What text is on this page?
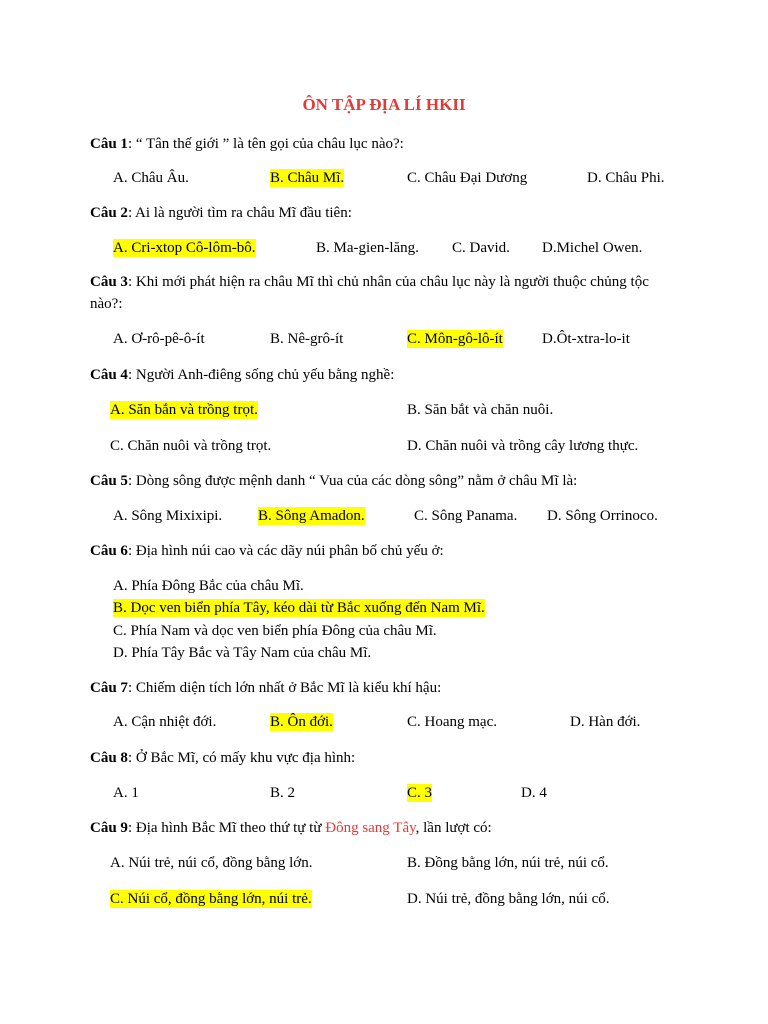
ÔN TẬP ĐỊA LÍ HKII
Câu 1: “ Tân thế giới ” là tên gọi của châu lục nào?:
A. Châu Âu.	B. Châu Mĩ.	C. Châu Đại Dương	D. Châu Phi.
Câu 2: Ai là người tìm ra châu Mĩ đầu tiên:
A. Cri-xtop Cô-lôm-bô.	B. Ma-gien-lăng. C. David. D.Michel Owen.
Câu 3: Khi mới phát hiện ra châu Mĩ thì chủ nhân của châu lục này là người thuộc chủng tộc nào?:
A. Ơ-rô-pê-ô-ít	B. Nê-grô-ít	C. Môn-gô-lô-ít	D.Ôt-xtra-lo-it
Câu 4: Người Anh-điêng sống chủ yếu bằng nghề:
A. Săn bắn và trồng trọt.	B. Săn bắt và chăn nuôi.
C. Chăn nuôi và trồng trọt.	D. Chăn nuôi và trồng cây lương thực.
Câu 5: Dòng sông được mệnh danh “ Vua của các dòng sông” nằm ở châu Mĩ là:
A. Sông Mixixipi. B. Sông Amadon.	C. Sông Panama. D. Sông Orrinoco.
Câu 6: Địa hình núi cao và các dãy núi phân bố chủ yếu ở:
A. Phía Đông Bắc của châu Mĩ.
B. Dọc ven biển phía Tây, kéo dài từ Bắc xuống đến Nam Mĩ.
C. Phía Nam và dọc ven biển phía Đông của châu Mĩ.
D. Phía Tây Bắc và Tây Nam của châu Mĩ.
Câu 7: Chiếm diện tích lớn nhất ở Bắc Mĩ là kiểu khí hậu:
A. Cận nhiệt đới.	B. Ôn đới.	C. Hoang mạc.	D. Hàn đới.
Câu 8: Ở Bắc Mĩ, có mấy khu vực địa hình:
A. 1	B. 2	C. 3	D. 4
Câu 9: Địa hình Bắc Mĩ theo thứ tự từ Đông sang Tây, lần lượt có:
A. Núi trẻ, núi cổ, đồng bằng lớn.	B. Đồng bằng lớn, núi trẻ, núi cổ.
C. Núi cổ, đồng bằng lớn, núi trẻ.	D. Núi trẻ, đồng bằng lớn, núi cổ.
